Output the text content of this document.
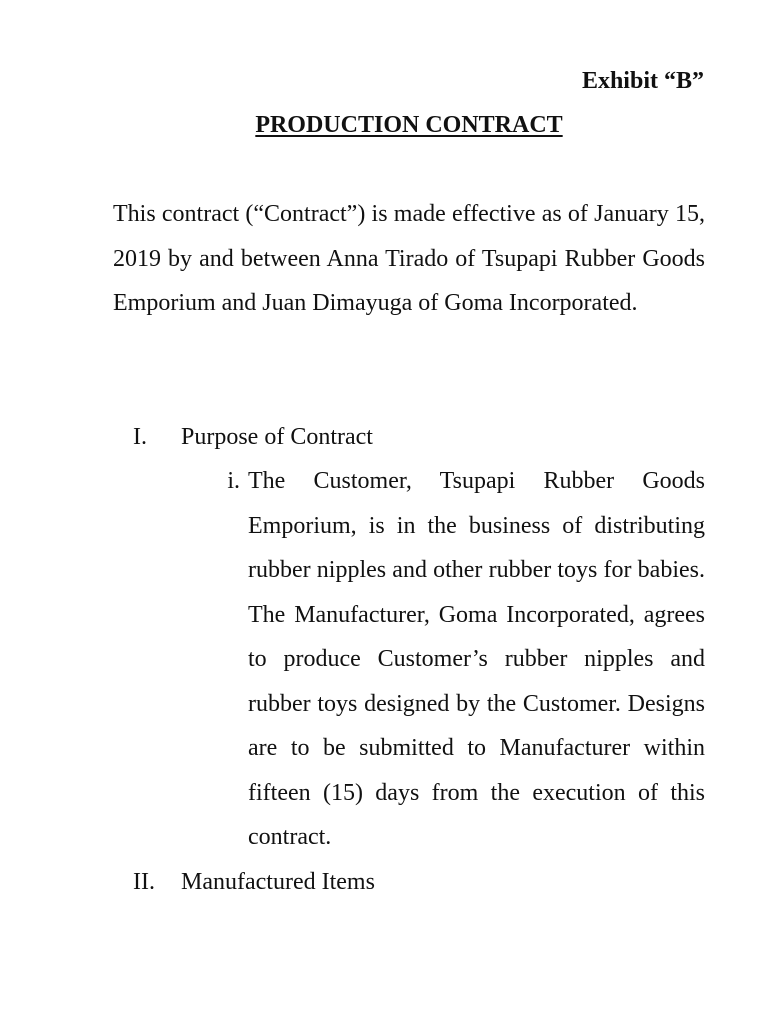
Exhibit “B”
PRODUCTION CONTRACT

This contract (“Contract”) is made effective as of January 15, 2019 by and between Anna Tirado of Tsupapi Rubber Goods Emporium and Juan Dimayuga of Goma Incorporated.

I. Purpose of Contract
i. The Customer, Tsupapi Rubber Goods Emporium, is in the business of distributing rubber nipples and other rubber toys for babies. The Manufacturer, Goma Incorporated, agrees to produce Customer’s rubber nipples and rubber toys designed by the Customer. Designs are to be submitted to Manufacturer within fifteen (15) days from the execution of this contract.

II. Manufactured Items
